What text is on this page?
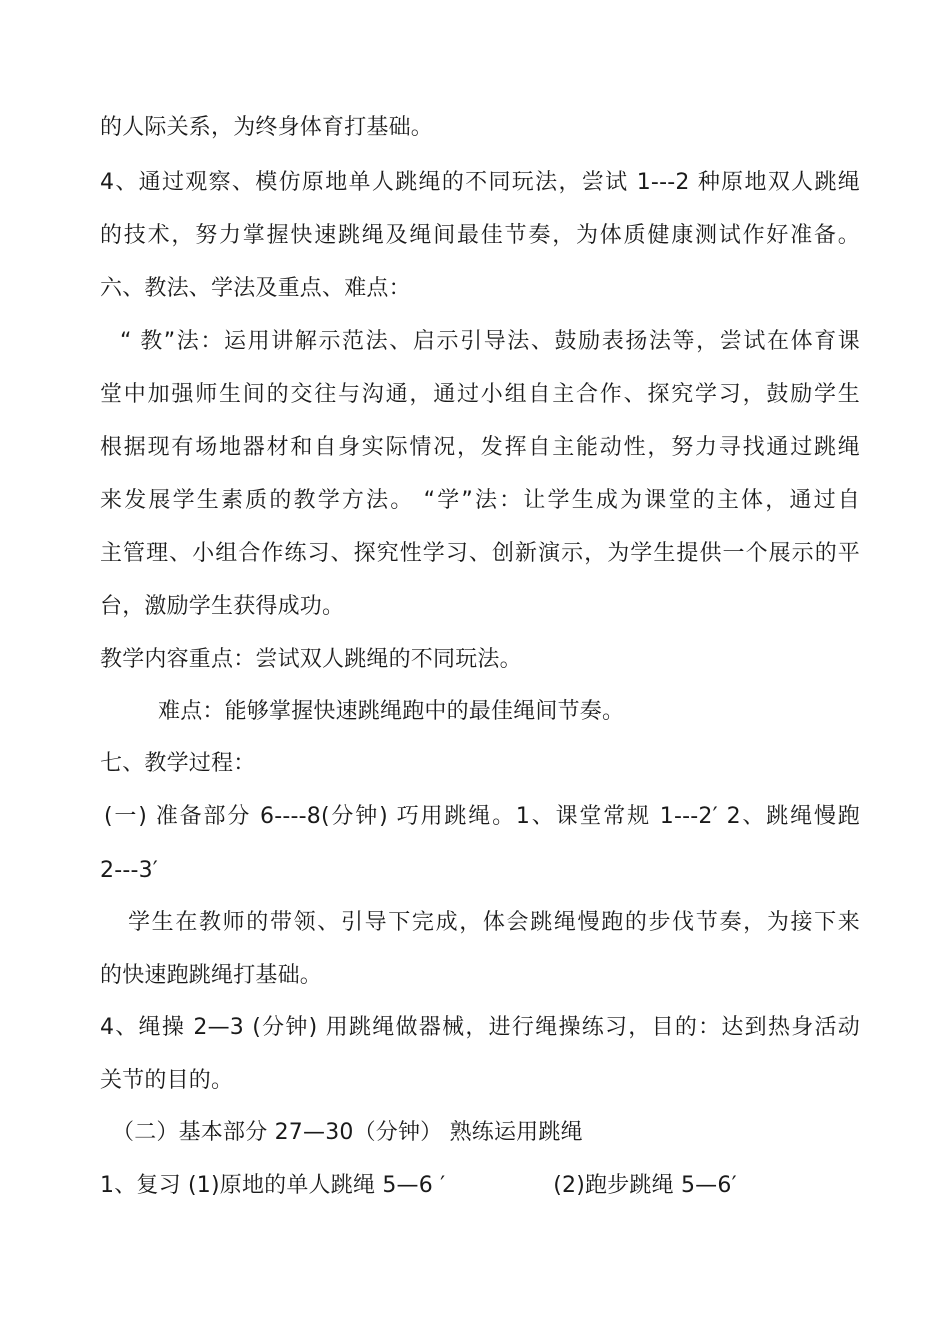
的人际关系，为终身体育打基础。
4、通过观察、模仿原地单人跳绳的不同玩法，尝试 1---2 种原地双人跳绳
的技术，努力掌握快速跳绳及绳间最佳节奏，为体质健康测试作好准备。
六、教法、学法及重点、难点：
“ 教”法：运用讲解示范法、启示引导法、鼓励表扬法等，尝试在体育课
堂中加强师生间的交往与沟通，通过小组自主合作、探究学习，鼓励学生
根据现有场地器材和自身实际情况，发挥自主能动性，努力寻找通过跳绳
来发展学生素质的教学方法。 “学”法：让学生成为课堂的主体，通过自
主管理、小组合作练习、探究性学习、创新演示，为学生提供一个展示的平
台，激励学生获得成功。
教学内容重点：尝试双人跳绳的不同玩法。
难点：能够掌握快速跳绳跑中的最佳绳间节奏。
七、教学过程：
(一) 准备部分 6----8(分钟) 巧用跳绳。1、课堂常规 1---2′ 2、跳绳慢跑
2---3′
学生在教师的带领、引导下完成，体会跳绳慢跑的步伐节奏，为接下来
的快速跑跳绳打基础。
4、绳操 2—3 (分钟) 用跳绳做器械，进行绳操练习，目的：达到热身活动
关节的目的。
（二）基本部分 27—30（分钟） 熟练运用跳绳
1、复习 (1)原地的单人跳绳 5—6 ′               (2)跑步跳绳 5—6′
